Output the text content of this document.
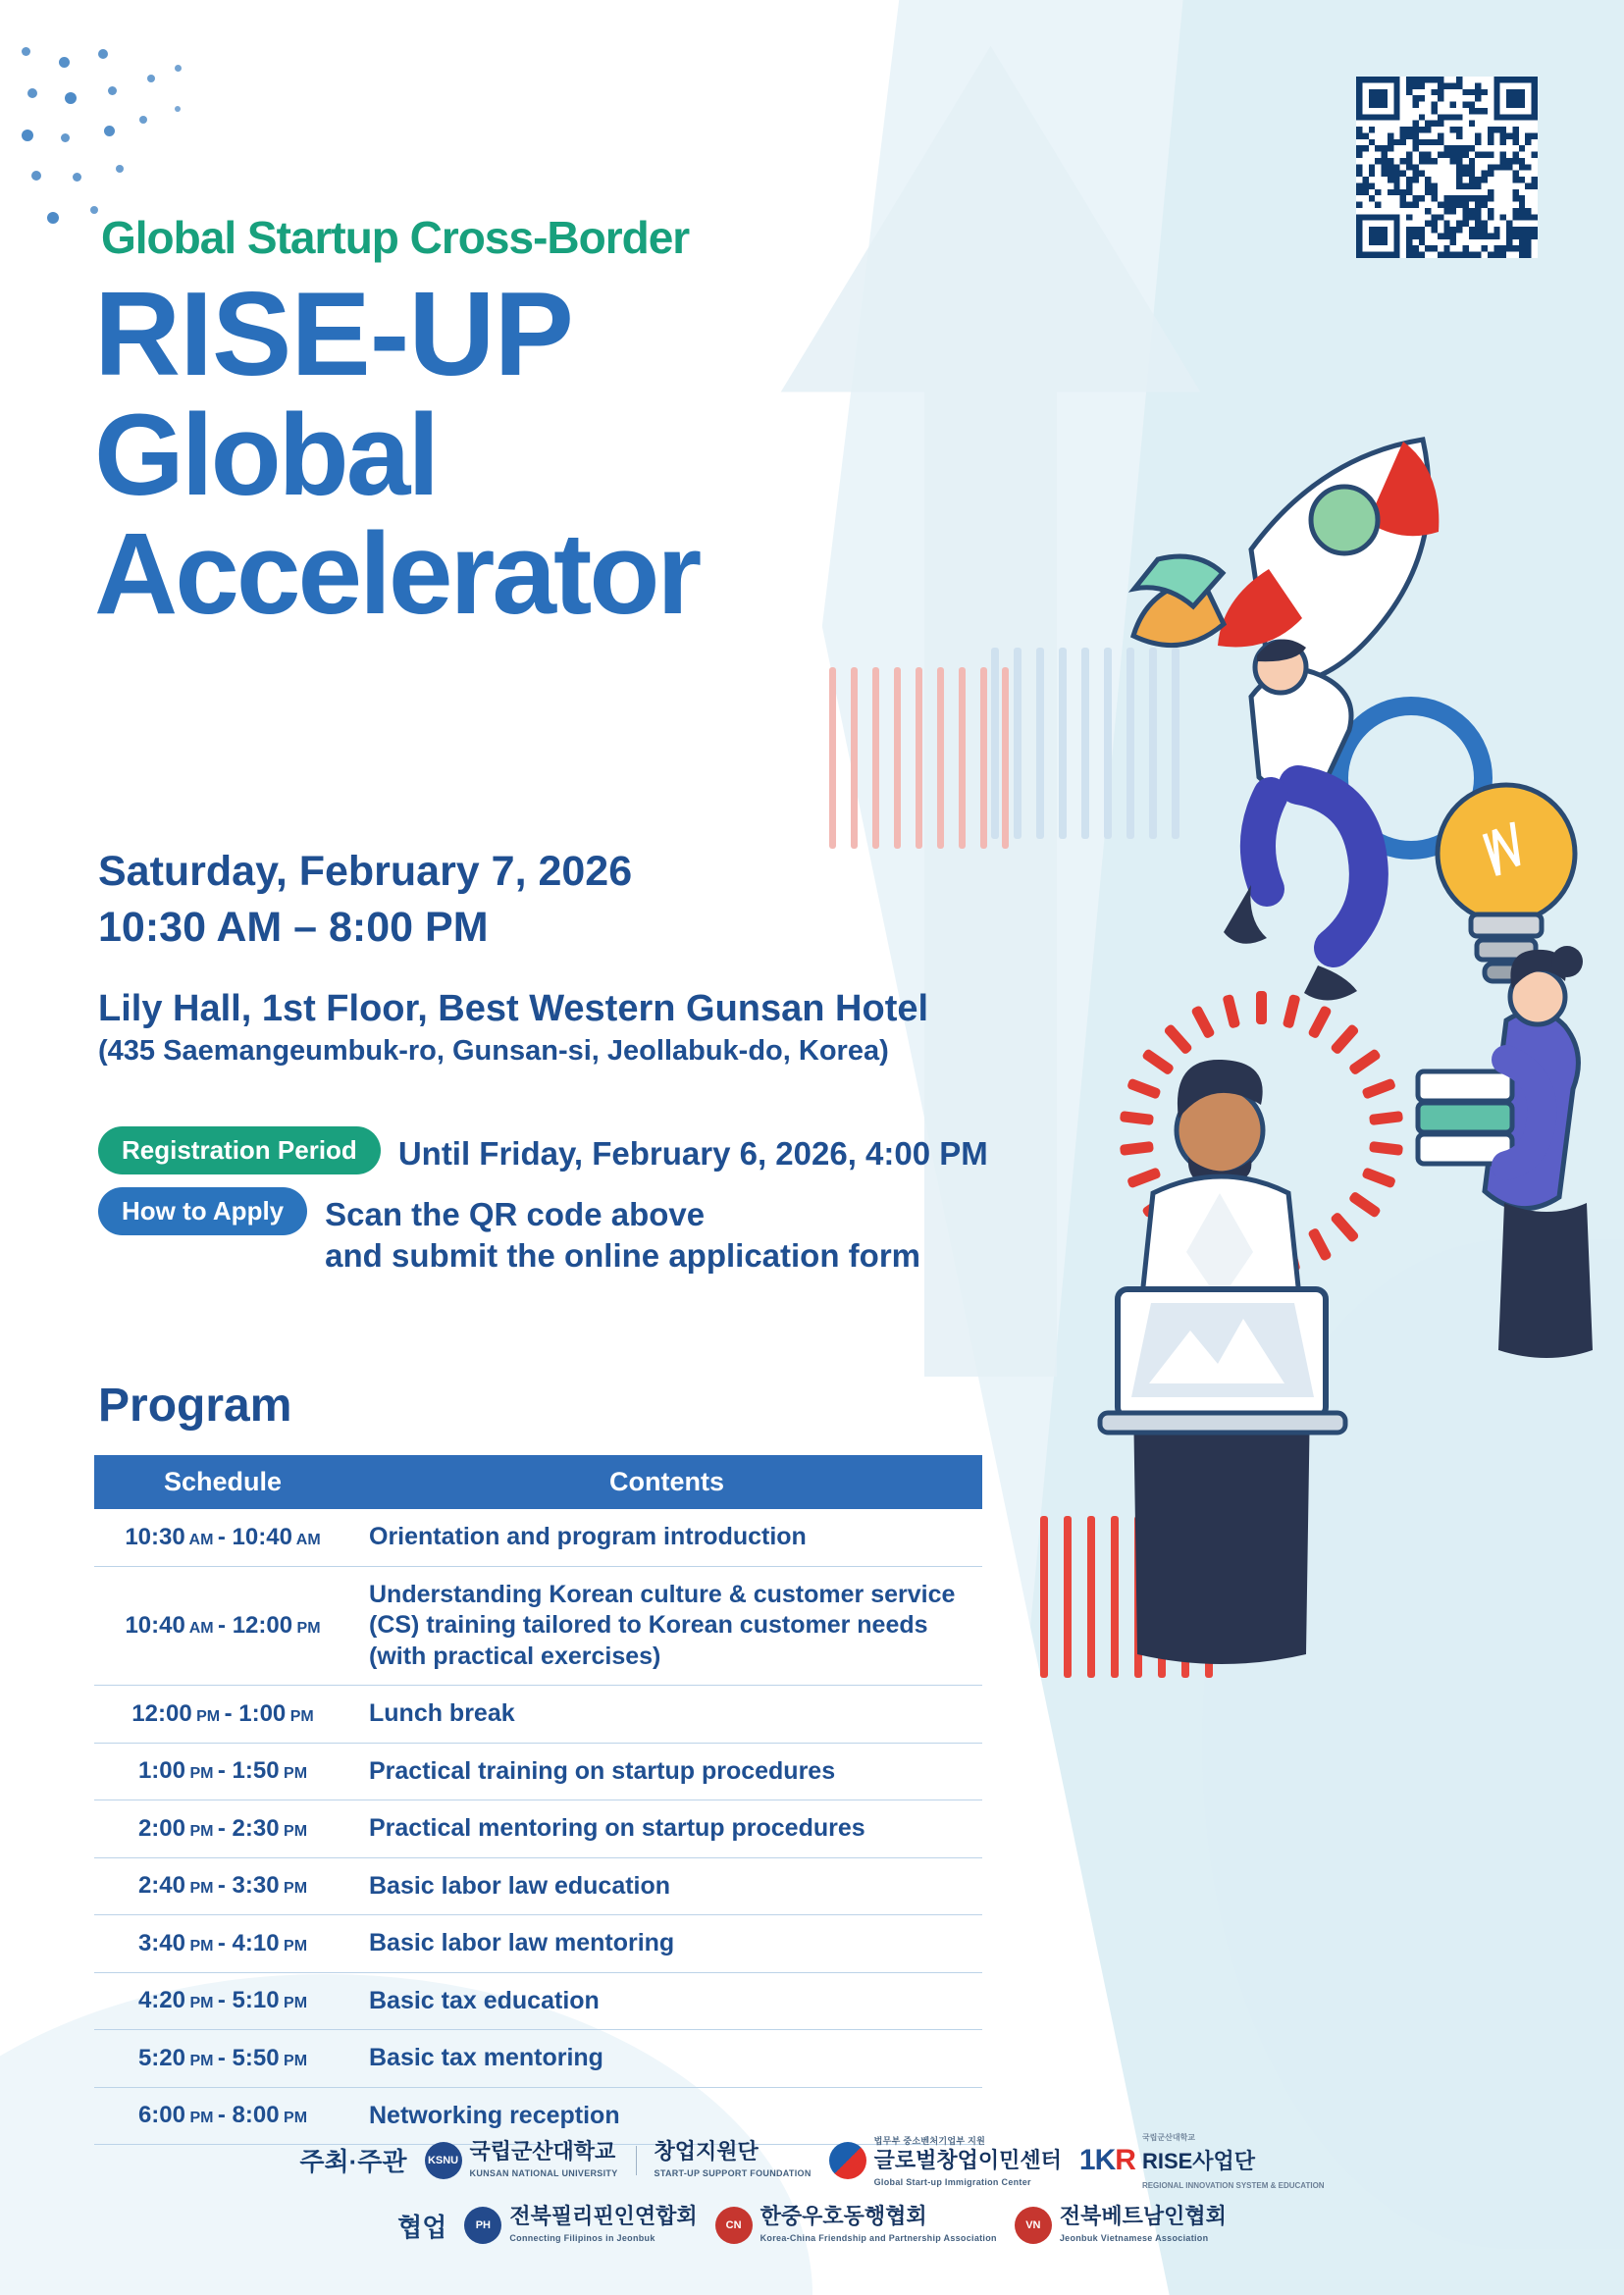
Global Startup Cross-Border
RISE-UP
Global
Accelerator
Saturday, February 7, 2026
10:30 AM – 8:00 PM
Lily Hall, 1st Floor, Best Western Gunsan Hotel
(435 Saemangeumbuk-ro, Gunsan-si, Jeollabuk-do, Korea)
Registration Period	Until Friday, February 6, 2026, 4:00 PM
How to Apply	Scan the QR code above
and submit the online application form
Program
Schedule	Contents
10:30 AM - 10:40 AM	Orientation and program introduction
10:40 AM - 12:00 PM	Understanding Korean culture & customer service (CS) training tailored to Korean customer needs (with practical exercises)
12:00 PM - 1:00 PM	Lunch break
1:00 PM - 1:50 PM	Practical training on startup procedures
2:00 PM - 2:30 PM	Practical mentoring on startup procedures
2:40 PM - 3:30 PM	Basic labor law education
3:40 PM - 4:10 PM	Basic labor law mentoring
4:20 PM - 5:10 PM	Basic tax education
5:20 PM - 5:50 PM	Basic tax mentoring
6:00 PM - 8:00 PM	Networking reception
주최·주관	KSNU 국립군산대학교
KUNSAN NATIONAL UNIVERSITY
창업지원단
START-UP SUPPORT FOUNDATION
법무부 중소벤처기업부 지원
글로벌창업이민센터
Global Start-up Immigration Center
1KR
국립군산대학교
RISE사업단
REGIONAL INNOVATION SYSTEM & EDUCATION
협업	PH 전북필리핀인연합회
Connecting Filipinos in Jeonbuk
CN 한중우호동행협회
Korea-China Friendship and Partnership Association
VN 전북베트남인협회
Jeonbuk Vietnamese Association
